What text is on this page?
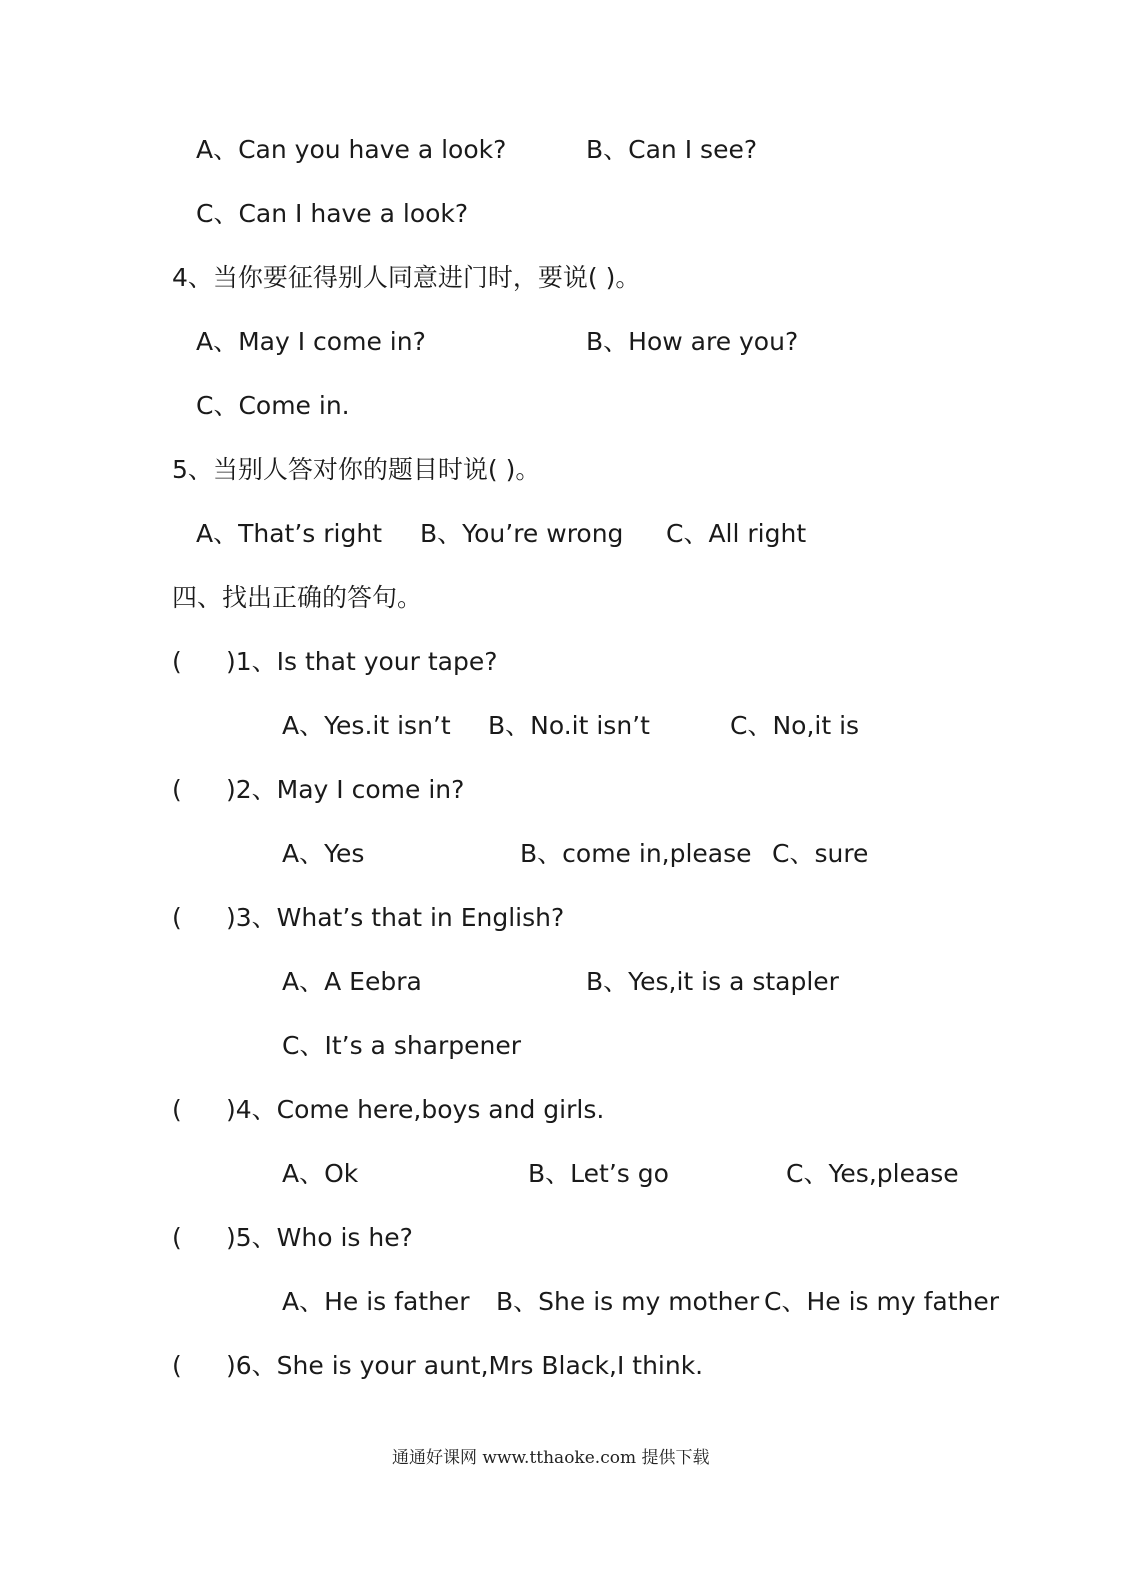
A、Can you have a look?	B、Can I see?
C、Can I have a look?
4、当你要征得别人同意进门时，要说( )。
A、May I come in?	B、How are you?
C、Come in.
5、当别人答对你的题目时说( )。
A、That’s right B、You’re wrong C、All right
四、找出正确的答句。
( )1、Is that your tape?
A、Yes.it isn’t B、No.it isn’t	C、No,it is
( )2、May I come in?
A、Yes	B、come in,please C、sure
( )3、What’s that in English?
A、A Eebra	B、Yes,it is a stapler
C、It’s a sharpener
( )4、Come here,boys and girls.
A、Ok	B、Let’s go	C、Yes,please
( )5、Who is he?
A、He is father B、She is my mother C、He is my father
( )6、She is your aunt,Mrs Black,I think.
通通好课网 www.tthaoke.com 提供下载
